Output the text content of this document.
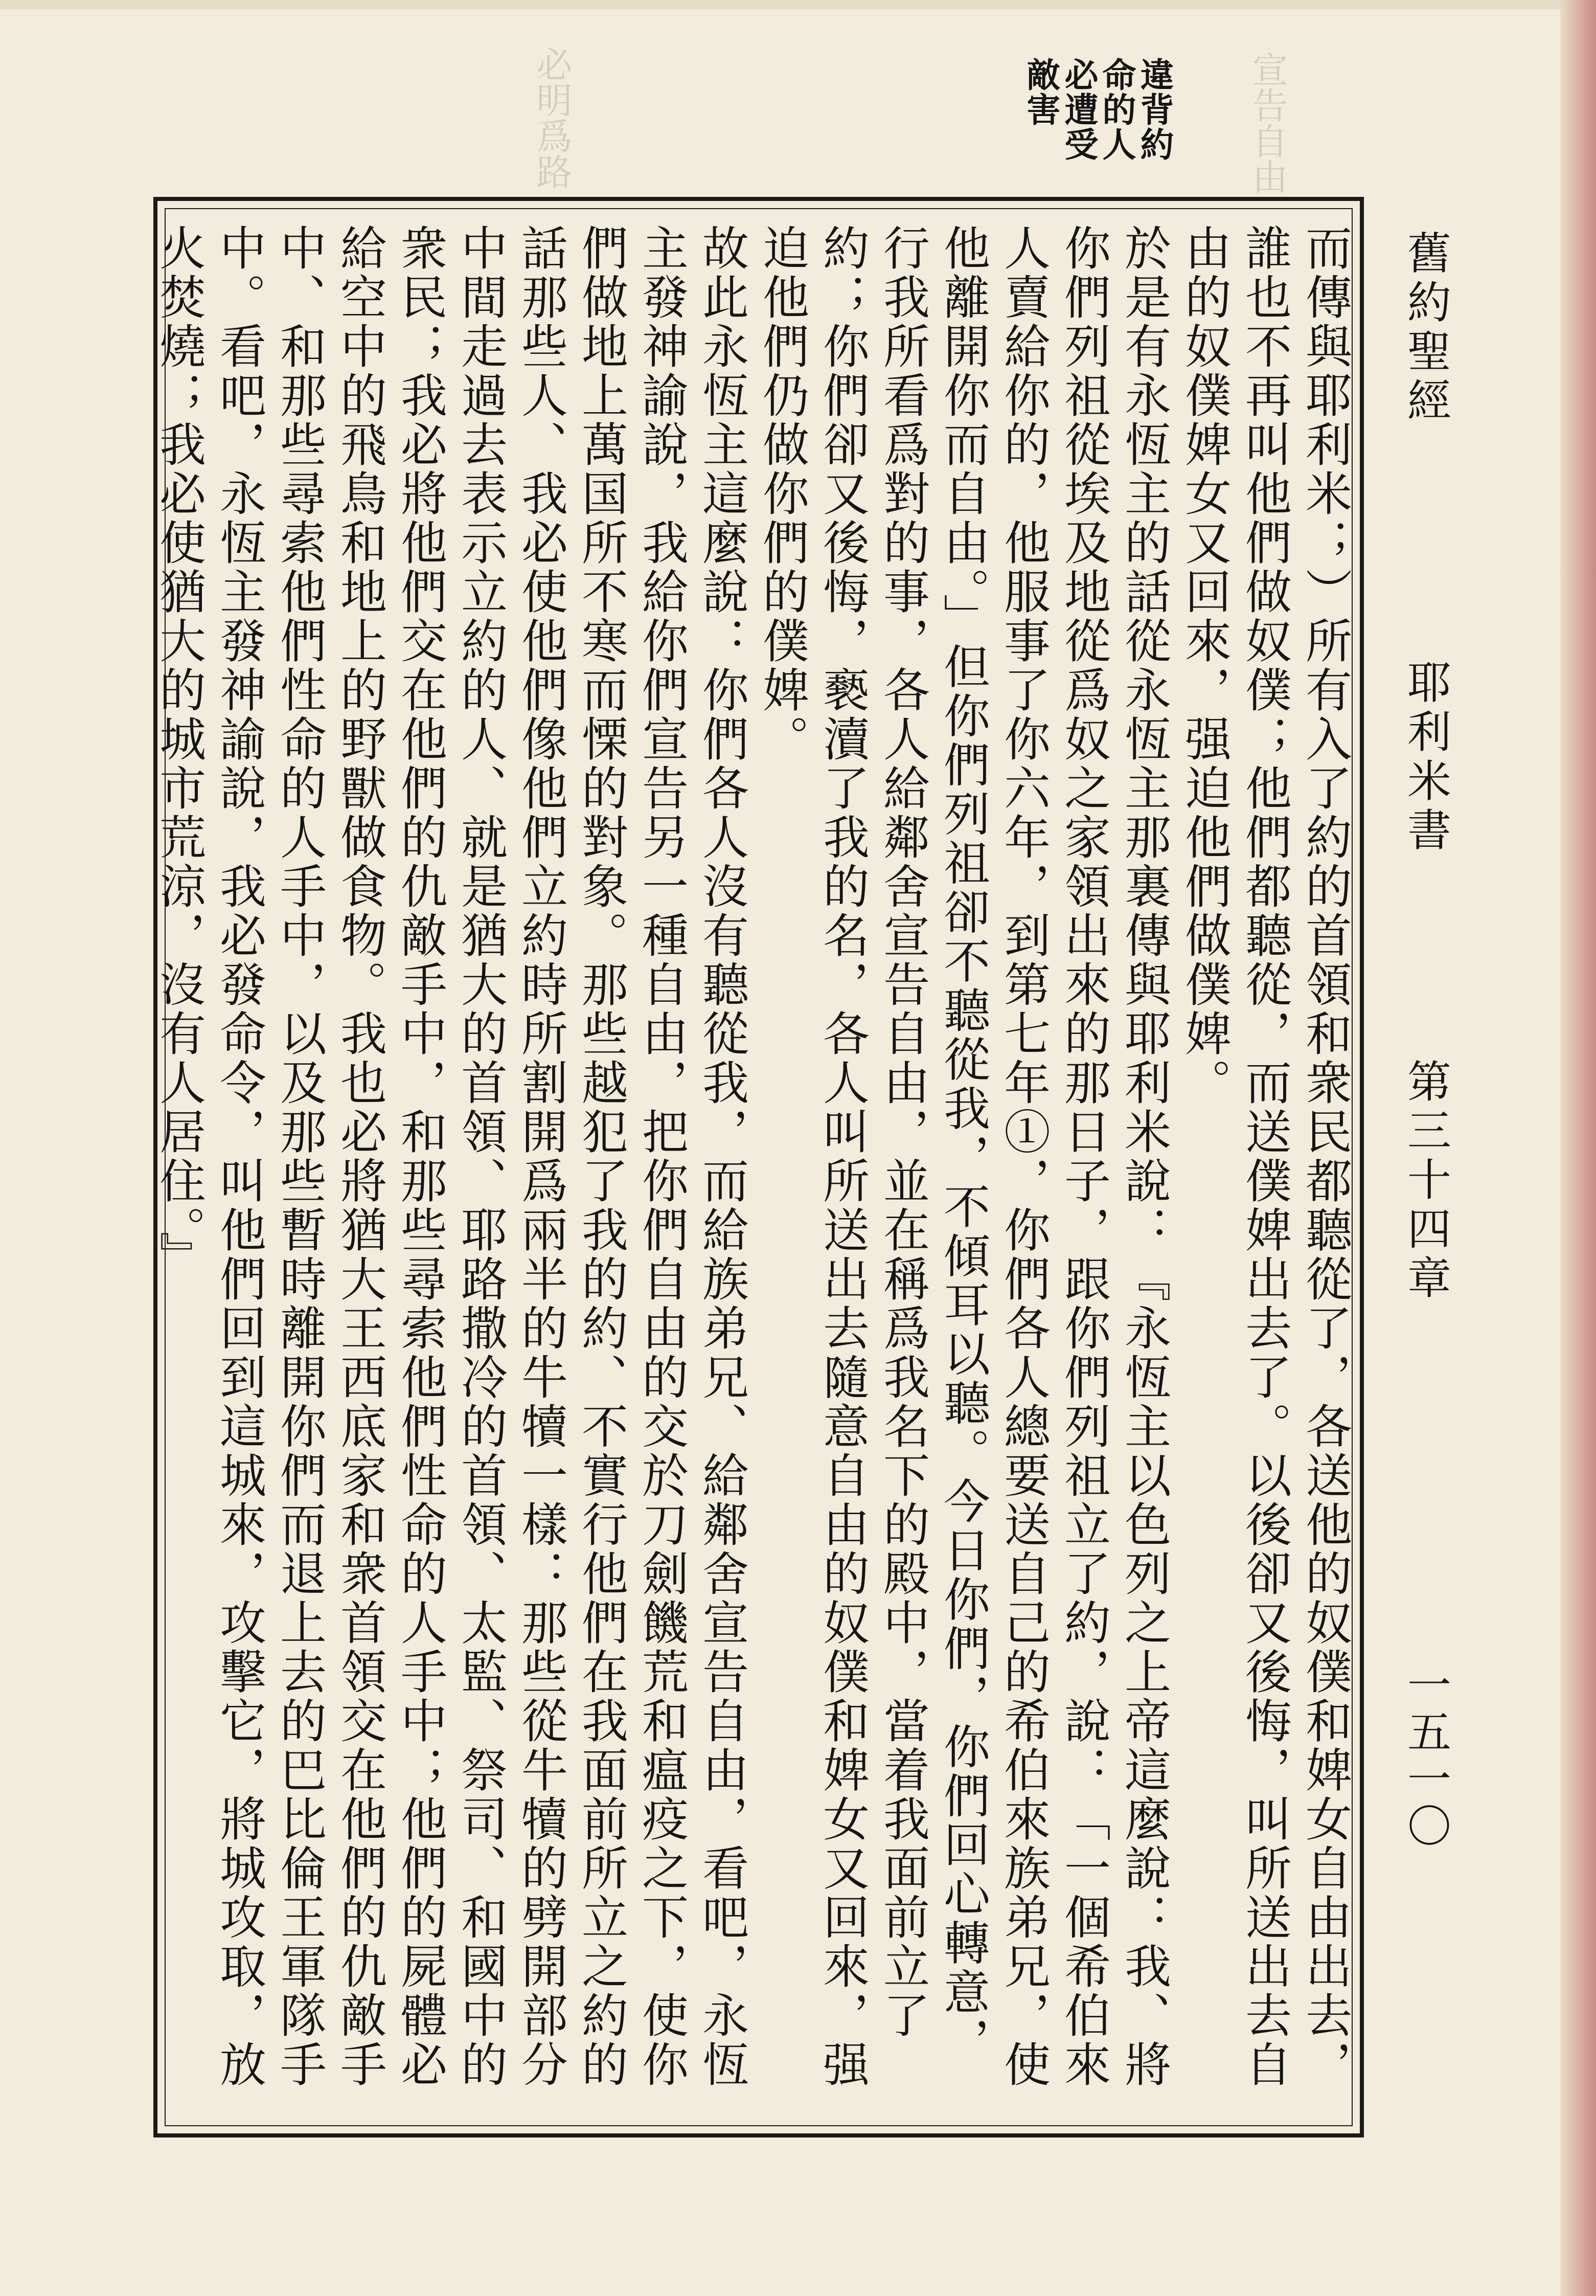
必明爲路	宣告自由
舊約聖經
耶利米書
第三十四章
一五一〇
違背約命的人必遭受敵害

而傳與耶利米；）所有入了約的首領和衆民都聽從了，各送他的奴僕和婢女自由出去，誰也不再叫他們做奴僕；他們都聽從，而送僕婢出去了。以後卻又後悔，叫所送出去自由的奴僕婢女又回來，强迫他們做僕婢。

於是有永恆主的話從永恆主那裏傳與耶利米說：『永恆主以色列之上帝這麼說：我、將你們列祖從埃及地從爲奴之家領出來的那日子，跟你們列祖立了約，說：「一個希伯來人賣給你的，他服事了你六年，到第七年①，你們各人總要送自己的希伯來族弟兄，使他離開你而自由。」但你們列祖卻不聽從我，不傾耳以聽。今日你們，你們回心轉意，行我所看爲對的事，各人給鄰舍宣告自由，並在稱爲我名下的殿中，當着我面前立了約；你們卻又後悔，褻瀆了我的名，各人叫所送出去隨意自由的奴僕和婢女又回來，强迫他們仍做你們的僕婢。

故此永恆主這麼說：你們各人沒有聽從我，而給族弟兄、給鄰舍宣告自由，看吧，永恆主發神諭說，我給你們宣告另一種自由，把你們自由的交於刀劍饑荒和瘟疫之下，使你們做地上萬国所不寒而慄的對象。那些越犯了我的約、不實行他們在我面前所立之約的話那些人、我必使他們像他們立約時所割開爲兩半的牛犢一樣：那些從牛犢的劈開部分中間走過去表示立約的人、就是猶大的首領、耶路撒冷的首領、太監、祭司、和國中的衆民；我必將他們交在他們的仇敵手中，和那些尋索他們性命的人手中；他們的屍體必給空中的飛鳥和地上的野獸做食物。我也必將猶大王西底家和衆首領交在他們的仇敵手中、和那些尋索他們性命的人手中，以及那些暫時離開你們而退上去的巴比倫王軍隊手中。看吧，永恆主發神諭說，我必發命令，叫他們回到這城來，攻擊它，將城攻取，放火焚燒；我必使猶大的城市荒涼，沒有人居住。』
